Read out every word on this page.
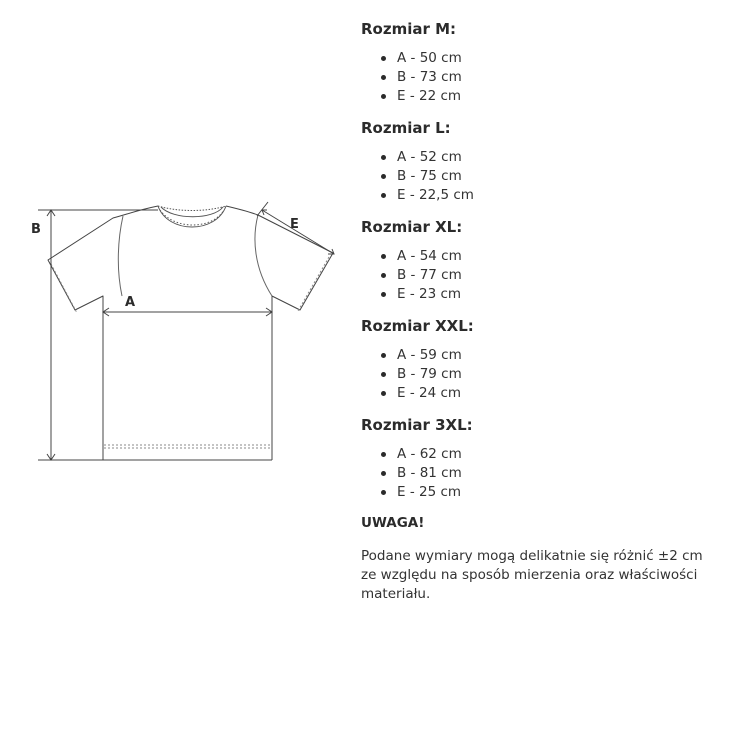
B
A
E
Rozmiar M:
A - 50 cm
B - 73 cm
E - 22 cm
Rozmiar L:
A - 52 cm
B - 75 cm
E - 22,5 cm
Rozmiar XL:
A - 54 cm
B - 77 cm
E - 23 cm
Rozmiar XXL:
A - 59 cm
B - 79 cm
E - 24 cm
Rozmiar 3XL:
A - 62 cm
B - 81 cm
E - 25 cm

UWAGA!

Podane wymiary mogą delikatnie się różnić ±2 cm ze względu na sposób mierzenia oraz właściwości materiału.
